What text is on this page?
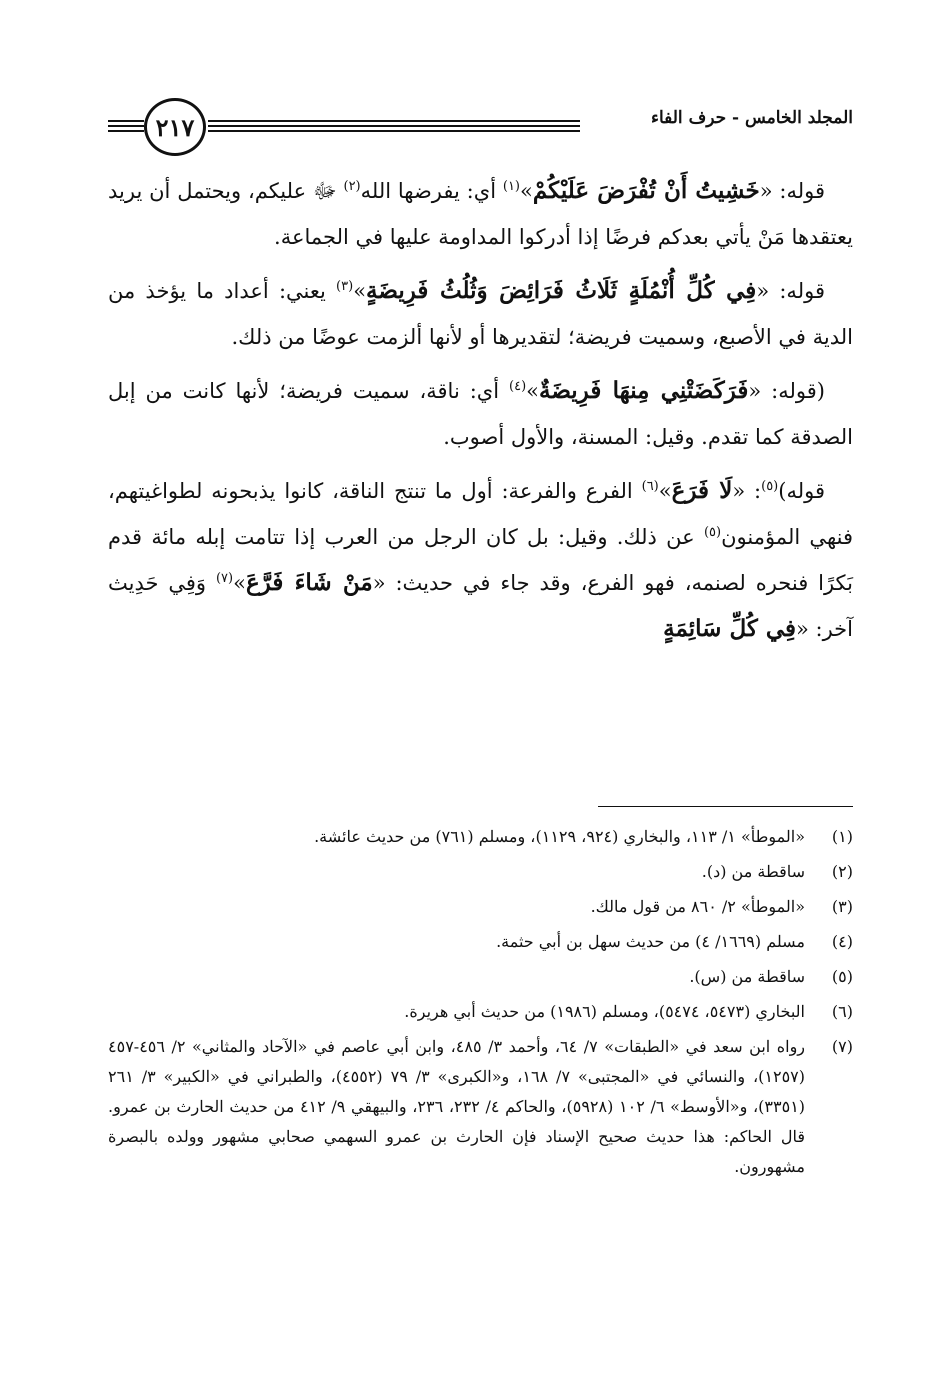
٢١٧	المجلد الخامس - حرف الفاء

قوله: «خَشِيتُ أَنْ تُفْرَضَ عَلَيْكُمْ»$^{(١)}$ أي: يفرضها الله$^{(٢)}$ ﷻ عليكم، ويحتمل أن يريد يعتقدها مَنْ يأتي بعدكم فرضًا إذا أدركوا المداومة عليها في الجماعة.

قوله: «فِي كُلِّ أُنْمُلَةٍ ثَلَاثُ فَرَائِضَ وَثُلُثُ فَرِيضَةٍ»$^{(٣)}$ يعني: أعداد ما يؤخذ من الدية في الأصبع، وسميت فريضة؛ لتقديرها أو لأنها ألزمت عوضًا من ذلك.

(قوله: «فَرَكَضَتْنِي مِنهَا فَرِيضَةٌ»$^{(٤)}$ أي: ناقة، سميت فريضة؛ لأنها كانت من إبل الصدقة كما تقدم. وقيل: المسنة، والأول أصوب.

قوله)$^{(٥)}$: «لَا فَرَعَ»$^{(٦)}$ الفرع والفرعة: أول ما تنتج الناقة، كانوا يذبحونه لطواغيتهم، فنهي المؤمنون$^{(٥)}$ عن ذلك. وقيل: بل كان الرجل من العرب إذا تتامت إبله مائة قدم بَكرًا فنحره لصنمه، فهو الفرع، وقد جاء في حديث: «مَنْ شَاءَ فَرَّعَ»$^{(٧)}$ وَفِي حَدِيث آخر: «فِي كُلِّ سَائِمَةٍ

(١)
«الموطأ» ١/ ١١٣، والبخاري (٩٢٤، ١١٢٩)، ومسلم (٧٦١) من حديث عائشة.
(٢)
ساقطة من (د).
(٣)
«الموطأ» ٢/ ٨٦٠ من قول مالك.
(٤)
مسلم (١٦٦٩/ ٤) من حديث سهل بن أبي حثمة.
(٥)
ساقطة من (س).
(٦)
البخاري (٥٤٧٣، ٥٤٧٤)، ومسلم (١٩٨٦) من حديث أبي هريرة.
(٧)
رواه ابن سعد في «الطبقات» ٧/ ٦٤، وأحمد ٣/ ٤٨٥، وابن أبي عاصم في «الآحاد والمثاني» ٢/ ٤٥٦-٤٥٧ (١٢٥٧)، والنسائي في «المجتبى» ٧/ ١٦٨، و«الكبرى» ٣/ ٧٩ (٤٥٥٢)، والطبراني في «الكبير» ٣/ ٢٦١ (٣٣٥١)، و«الأوسط» ٦/ ١٠٢ (٥٩٢٨)، والحاكم ٤/ ٢٣٢، ٢٣٦، والبيهقي ٩/ ٤١٢ من حديث الحارث بن عمرو. قال الحاكم: هذا حديث صحيح الإسناد فإن الحارث بن عمرو السهمي صحابي مشهور وولده بالبصرة مشهورون.
